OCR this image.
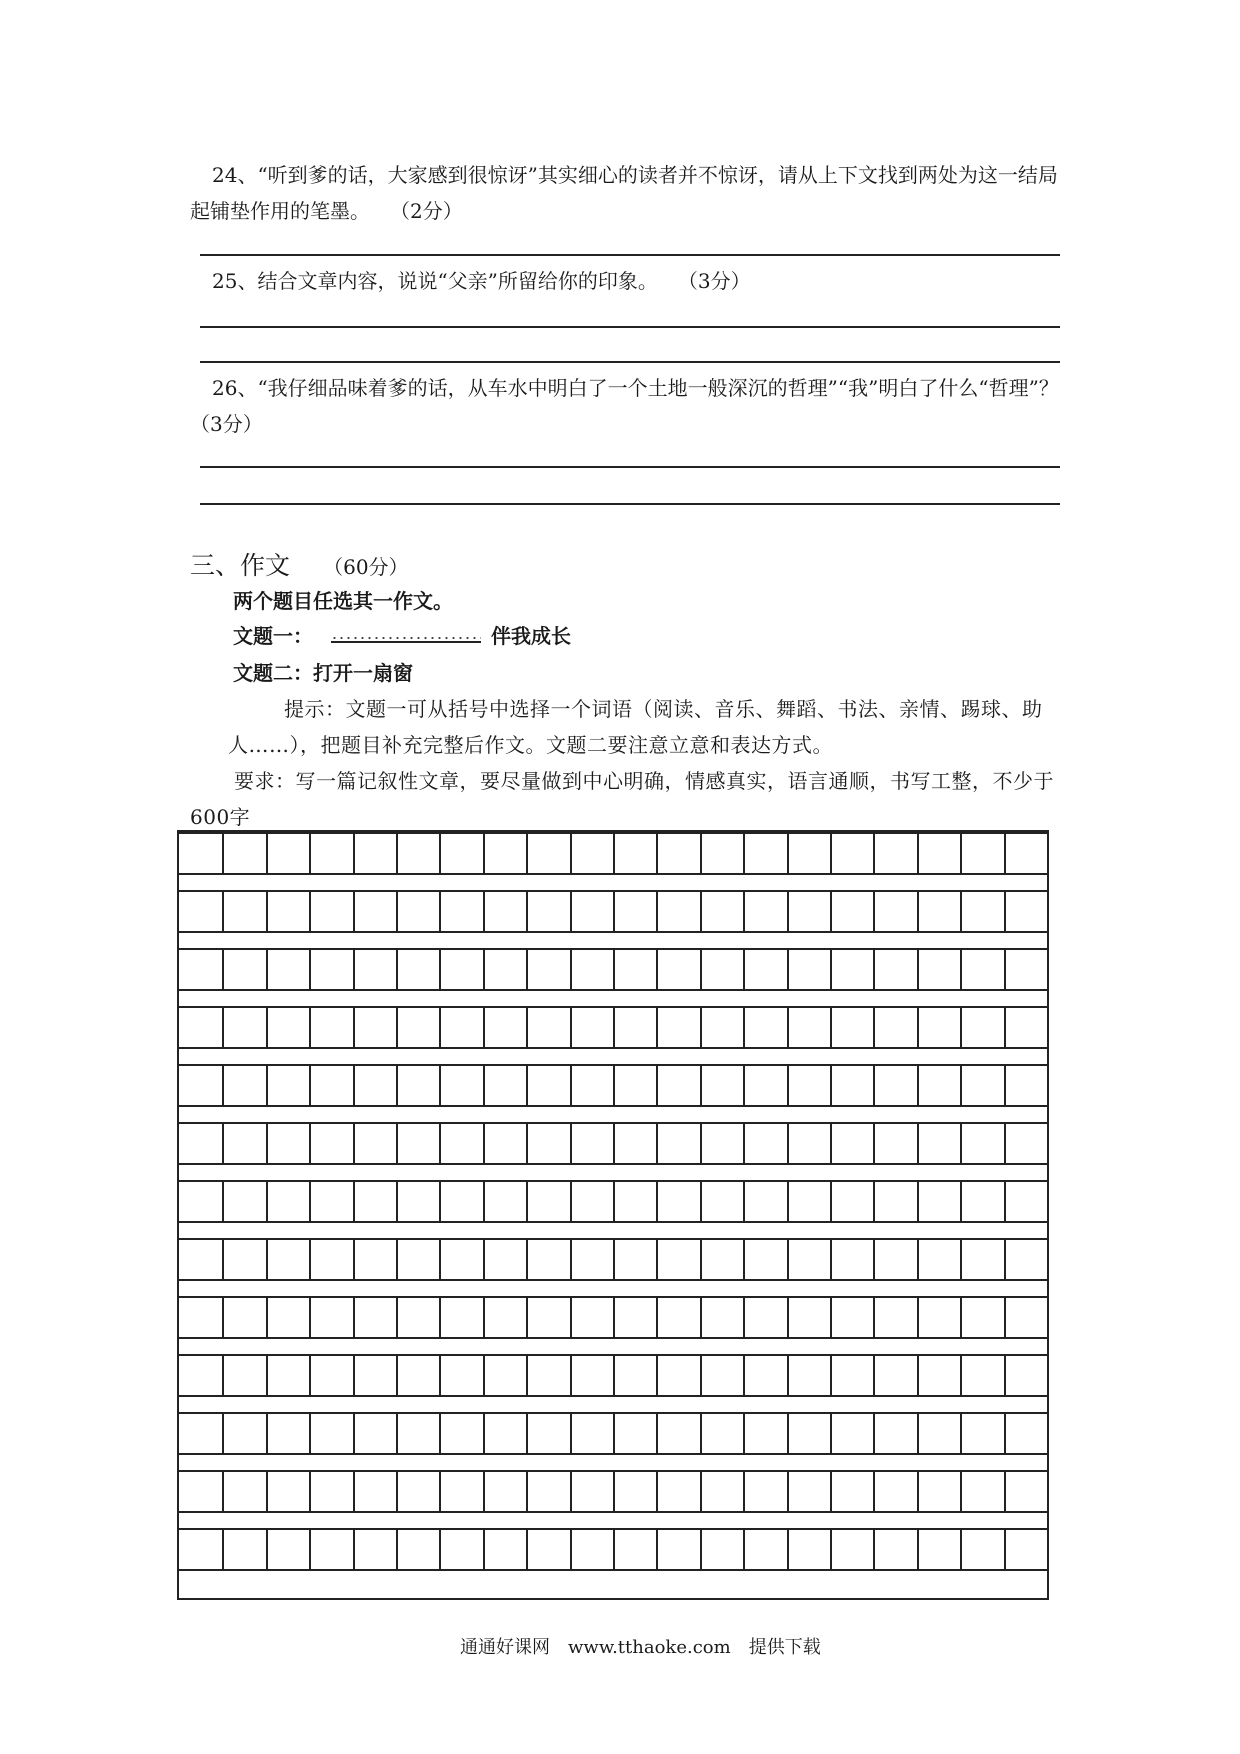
24、“听到爹的话，大家感到很惊讶”其实细心的读者并不惊讶，请从上下文找到两处为这一结局起铺垫作用的笔墨。　　（2分）
25、结合文章内容，说说“父亲”所留给你的印象。　　（3分）
26、“我仔细品味着爹的话，从车水中明白了一个土地一般深沉的哲理”“我”明白了什么“哲理”？　　（3分）
三、作文 （60分）
两个题目任选其一作文。
文题一：	伴我成长
文题二：打开一扇窗
提示：文题一可从括号中选择一个词语（阅读、音乐、舞蹈、书法、亲情、踢球、助人……），把题目补充完整后作文。文题二要注意立意和表达方式。
要求：写一篇记叙性文章，要尽量做到中心明确，情感真实，语言通顺，书写工整，不少于600字
通通好课网　www.tthaoke.com　提供下载
